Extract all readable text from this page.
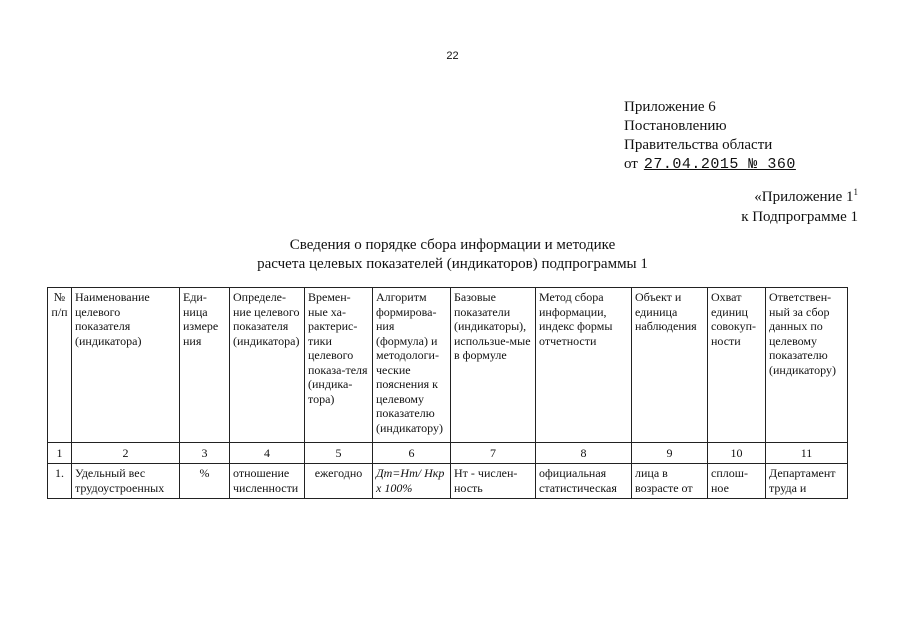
22
Приложение 6
Постановлению
Правительства области
от 27.04.2015 № 360
«Приложение $1^1$
к Подпрограмме 1
Сведения о порядке сбора информации и методике
расчета целевых показателей (индикаторов) подпрограммы 1
№ п/п	Наименование целевого показателя (индикатора)	Еди-ница измере ния	Определе-ние целевого показателя (индикатора)	Времен-ные ха-рактерис-тики целевого показа-теля (индика-тора)	Алгоритм формирова-ния (формула) и методологи-ческие пояснения к целевому показателю (индикатору)	Базовые показатели (индикаторы), использue-мые в формуле	Метод сбора информации, индекс формы отчетности	Объект и единица наблюдения	Охват единиц совокуп-ности	Ответствен-ный за сбор данных по целевому показателю (индикатору)
1	2	3	4	5	6	7	8	9	10	11
1.	Удельный вес трудоустроенных	%	отношение численности	ежегодно	Дт=Нт/ Нкр х 100%	Нт - числен-ность	официальная статистическая	лица в возрасте от	сплош-ное	Департамент труда и
